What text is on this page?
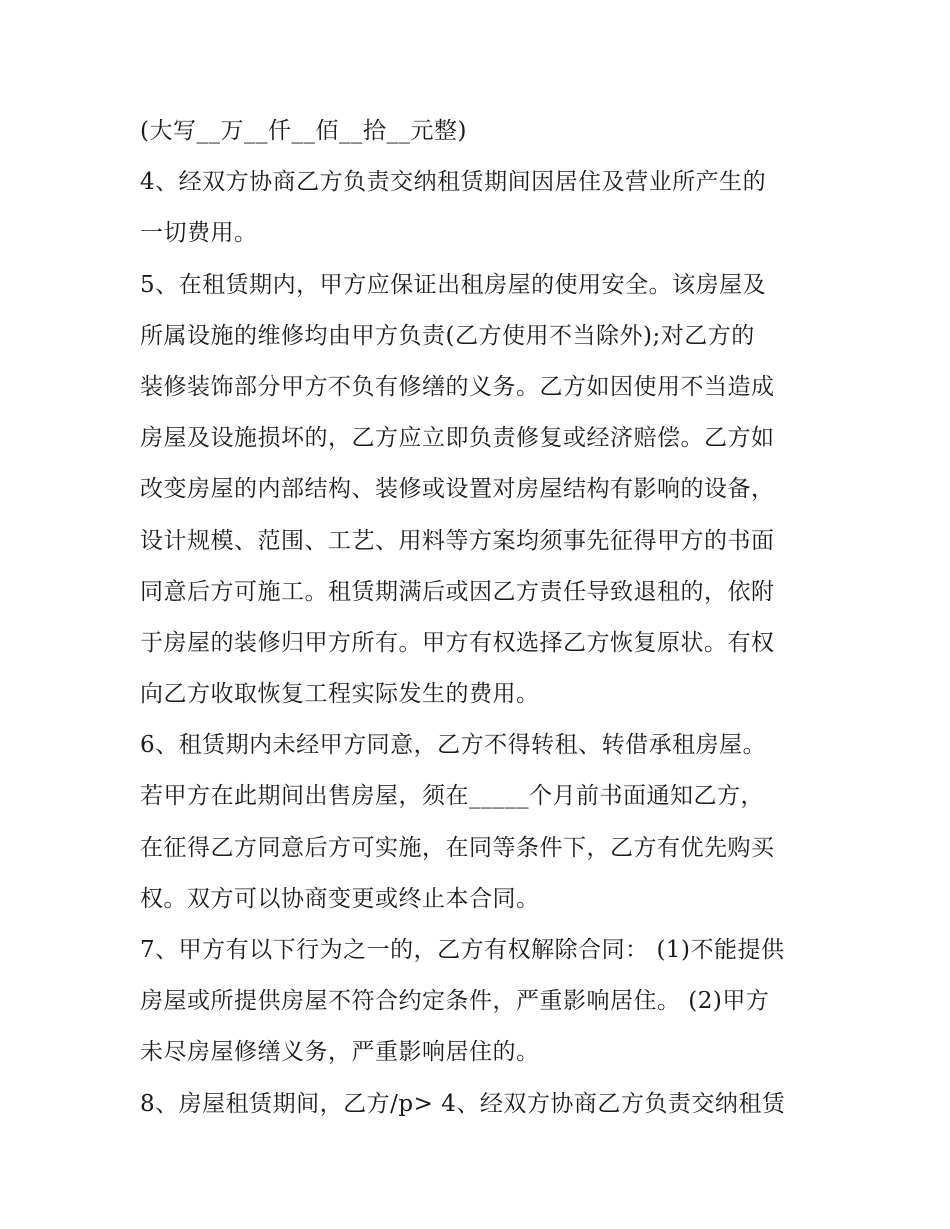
(大写__万__仟__佰__拾__元整)
4、经双方协商乙方负责交纳租赁期间因居住及营业所产生的
一切费用。
5、在租赁期内，甲方应保证出租房屋的使用安全。该房屋及
所属设施的维修均由甲方负责(乙方使用不当除外);对乙方的
装修装饰部分甲方不负有修缮的义务。乙方如因使用不当造成
房屋及设施损坏的，乙方应立即负责修复或经济赔偿。乙方如
改变房屋的内部结构、装修或设置对房屋结构有影响的设备，
设计规模、范围、工艺、用料等方案均须事先征得甲方的书面
同意后方可施工。租赁期满后或因乙方责任导致退租的，依附
于房屋的装修归甲方所有。甲方有权选择乙方恢复原状。有权
向乙方收取恢复工程实际发生的费用。
6、租赁期内未经甲方同意，乙方不得转租、转借承租房屋。
若甲方在此期间出售房屋，须在_____个月前书面通知乙方，
在征得乙方同意后方可实施，在同等条件下，乙方有优先购买
权。双方可以协商变更或终止本合同。
7、甲方有以下行为之一的，乙方有权解除合同： (1)不能提供
房屋或所提供房屋不符合约定条件，严重影响居住。 (2)甲方
未尽房屋修缮义务，严重影响居住的。
8、房屋租赁期间，乙方/p> 4、经双方协商乙方负责交纳租赁
